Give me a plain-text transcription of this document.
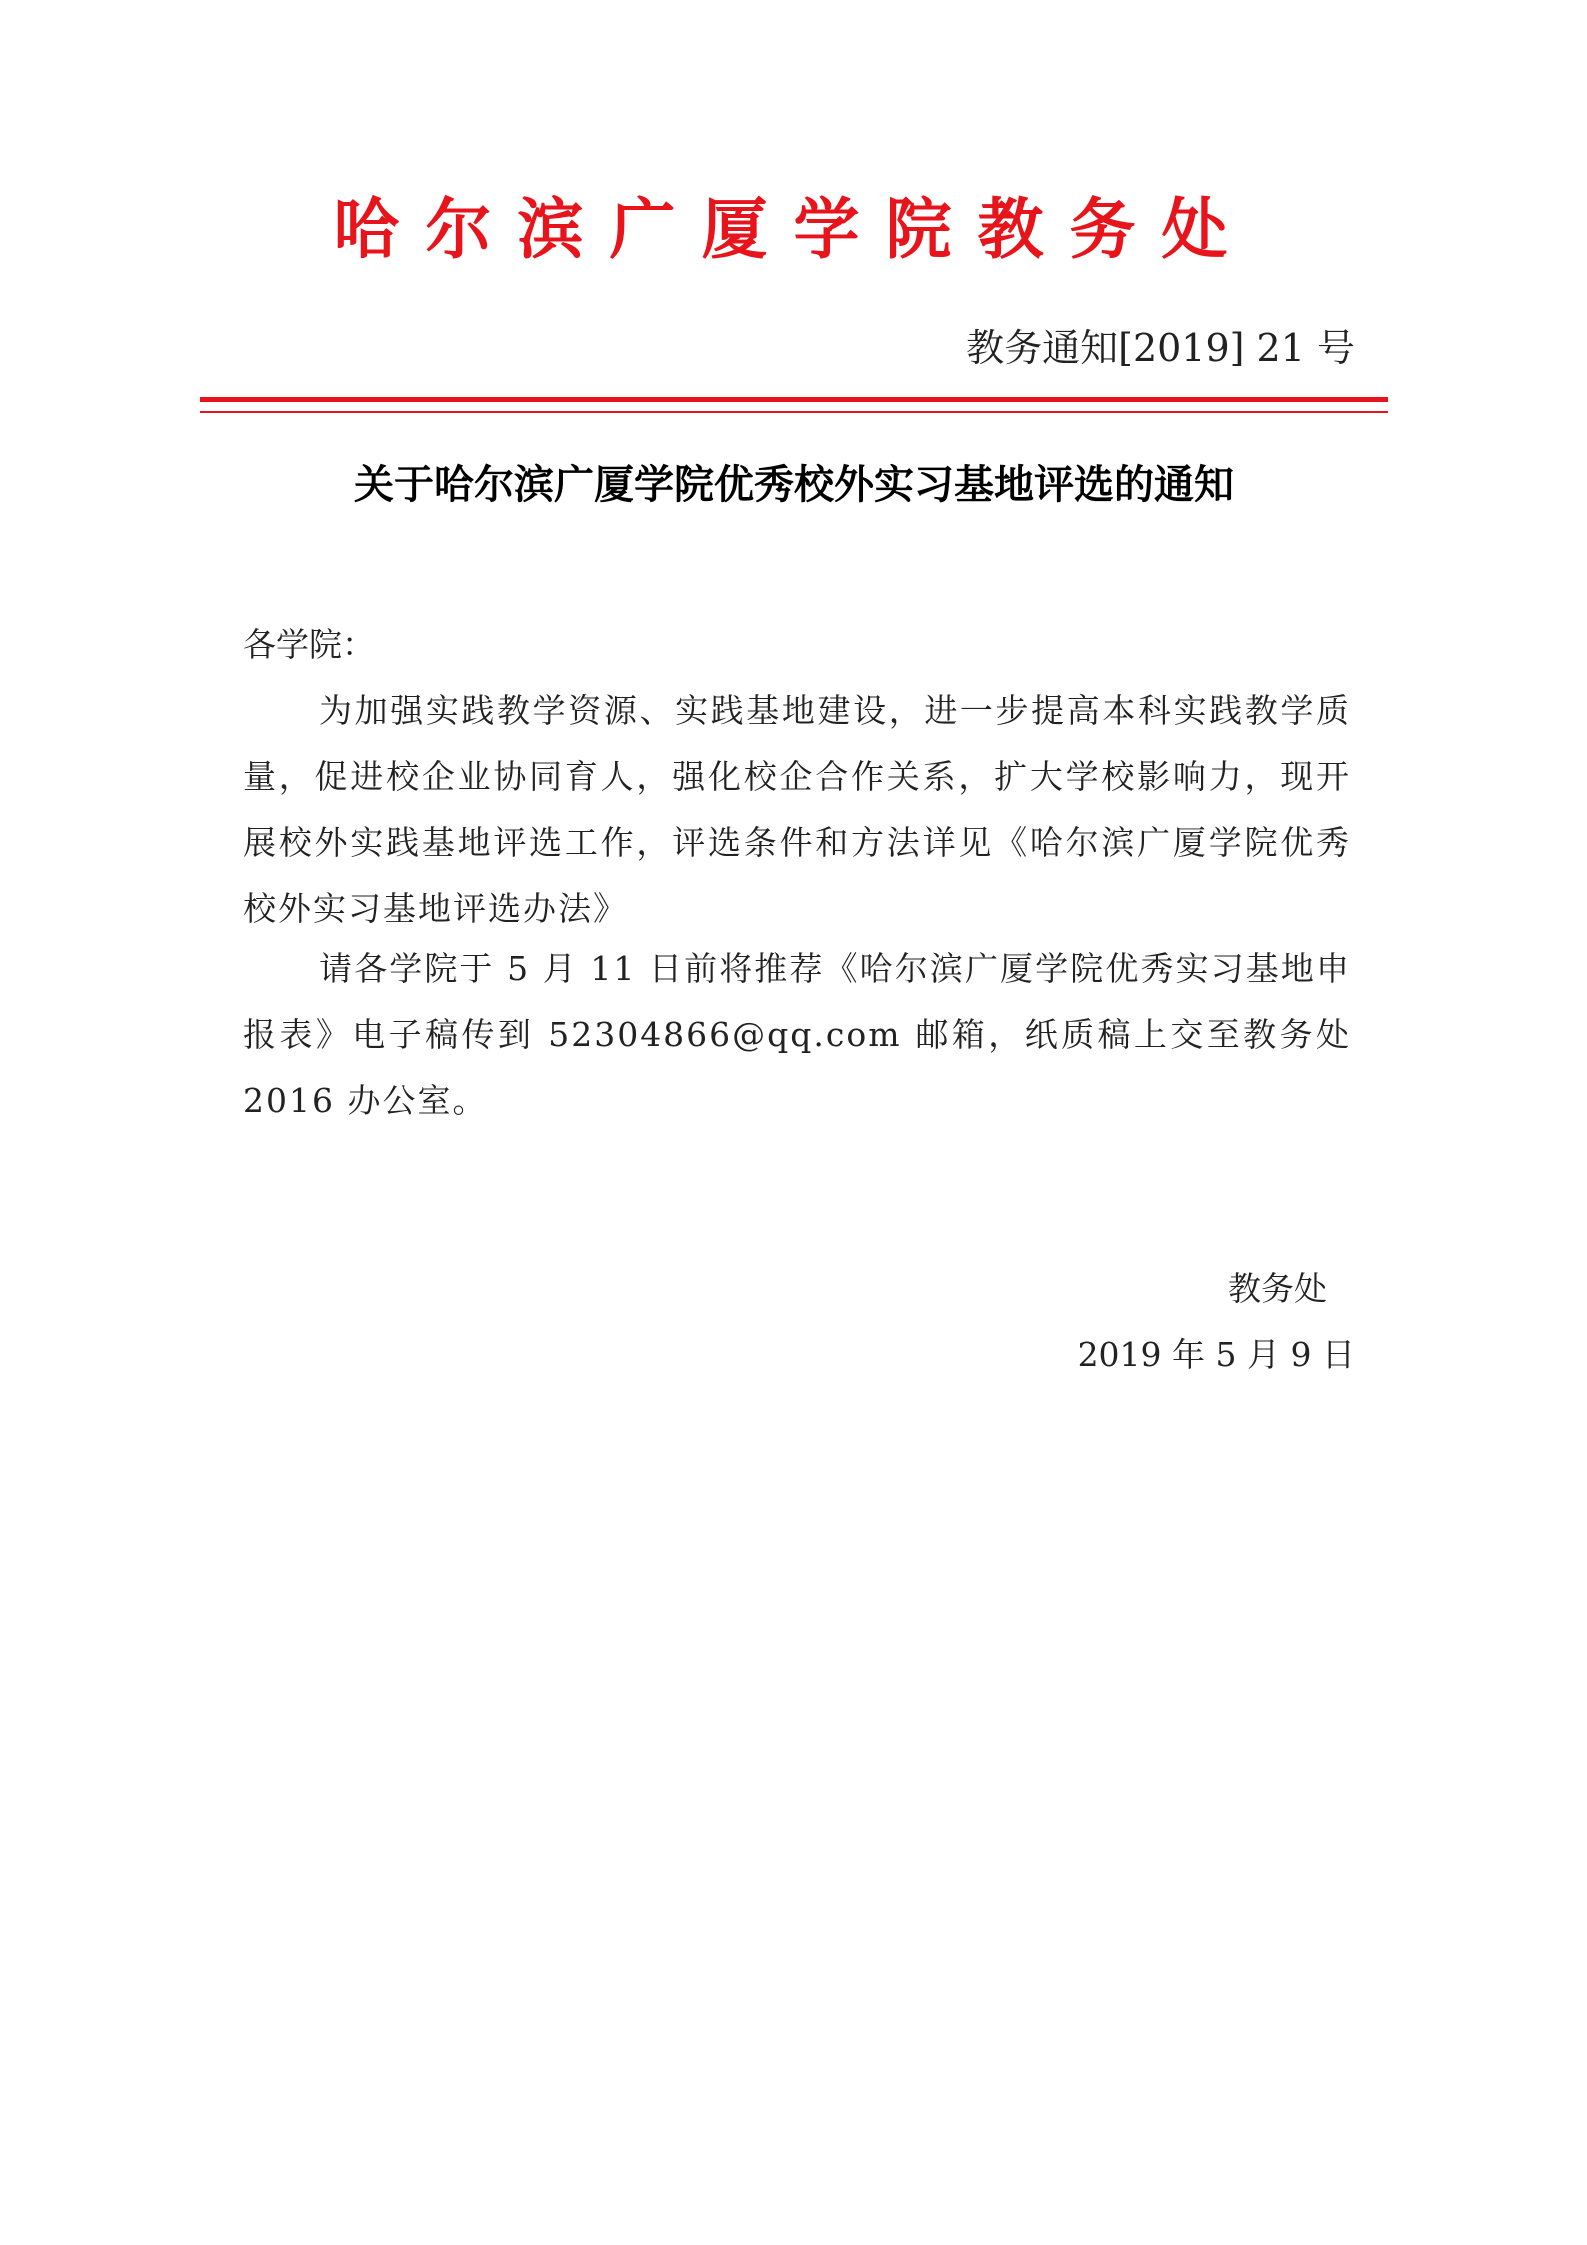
哈尔滨广厦学院教务处
教务通知[2019] 21 号
关于哈尔滨广厦学院优秀校外实习基地评选的通知
各学院：
为加强实践教学资源、实践基地建设，进一步提高本科实践教学质量，促进校企业协同育人，强化校企合作关系，扩大学校影响力，现开展校外实践基地评选工作，评选条件和方法详见《哈尔滨广厦学院优秀校外实习基地评选办法》
请各学院于 5 月 11 日前将推荐《哈尔滨广厦学院优秀实习基地申报表》电子稿传到 52304866@qq.com 邮箱，纸质稿上交至教务处 2016 办公室。
教务处
2019 年 5 月 9 日
